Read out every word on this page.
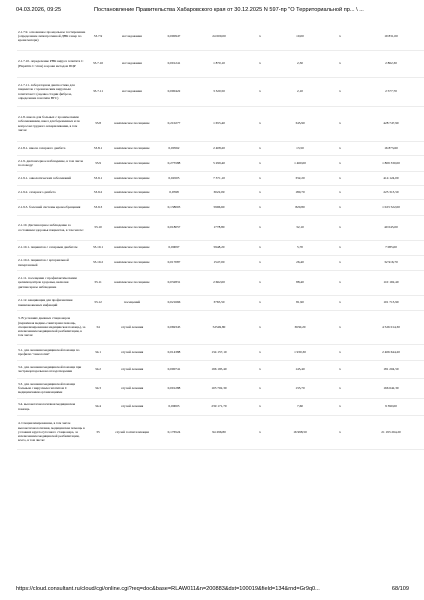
04.03.2026, 09:25	Постановление Правительства Хабаровского края от 30.12.2025 N 597-пр "О Территориальной пр... \ ...
2.1.7.9. основанное проецальное тестирование (определение липопротеиной ДНК генер по крови матери)	33.7.9	исследования	0,000947	24 000,00	х	10,00	х	19 831,00	
2.1.7.10. определение РНК вируса гепатита С (Hepatitis C virus) в крови методом ПЦР	33.7.10	исследования	0,001241	1 870,10	х	2,30	х	2 862,30	
2.1.7.11. лабораторная диагностика для пациентов с хроническим вирусным гепатитом С (оценка стадии фиброза, определение генотипа ВГС)	33.7.11	исследования	0,000422	3 320,50	х	2,10	х	2 577,70	
2.1.8. школа для больных с хроническими заболеваниями, школ для беременных и по вопросам грудного вскармливания, в том числе:	33.8	комплексное посещение	0,210277	1 655,40	х	345,90	х	428 747,90	
2.1.8.1. школа сахарного диабета	33.8.1	комплексное посещение	0,00562	2 408,20	х	13,50	х	16 873,60	
2.1.9. диспансерное наблюдение, в том числе по поводу:	33.9	комплексное посещение	0,275588	5 299,40	х	1 460,00	х	1 809 330,00	
2.1.9.1. онкологических заболеваний	33.9.1	комплексное посещение	0,04505	7 371,10	х	332,20	х	414 124,00	
2.1.9.2. сахарного диабета	33.9.2	комплексное посещение	0,0598	3022,09	х	180,70	х	225 313,50	
2.1.9.3. болезней системы кровообращения	33.9.3	комплексное посещение	0,138003	5996,60	х	820,80	х	1 023 522,00	
2.1.10. Диспансерное наблюдение за состоянием здоровья пациентов, в том числе:	33.10	комплексное посещение	0,018057	1778,80	х	32,10	х	40 045,00	
2.1.10.1. пациентов с сахарным диабетом	33.10.1	комплексное посещение	0,00097	5948,20	х	5,70	х	7 085,00	
2.1.10.2. пациентов с артериальной гипертензией	33.10.2	комплексное посещение	0,017087	1547,00	х	26,40	х	32 916,70	
2.1.11. посещения с профилактическими целями центров здоровья, включая диспансерное наблюдение	33.11	комплексное посещение	0,032831	2 662,00	х	88,40	х	110 192,40	
2.1.12. вакцинация для профилактики пневмококковых инфекций	33.12	посещений	0,021666	3765,50	х	81,90	х	101 713,90	
3. В условиях дневных стационаров (первичная медико-санитарная помощь, специализированная медицинская помощь), за исключением медицинской реабилитации, в том числе:	34	случай лечения	0,069345	52549,80	х	3630,20	х	4 526 014,30	
3.1. для оказания медицинской помощи по профилю "онкология"	34.1	случай лечения	0,014388	134 157,10	х	1 930,30	х	2 406 644,20	
3.2. для оказания медицинской помощи при экстракорпоральном оплодотворении	34.2	случай лечения	0,000741	196 195,40	х	145,40	х	181 204,50	
3.3. для оказания медицинской помощи больным с вирусным гепатитом С медицинскими организациями	34.3	случай лечения	0,001288	103 702,30	х	133,70	х	166 642,30	
3.4. высокотехнологичная медицинская помощь	34.4	случай лечения	0,00003	239 171,70	х	7,60	х	9 390,00	
4. Специализированная, в том числе высокотехнологичная, медицинская помощь в условиях круглосуточного стационара, за исключением медицинской реабилитации, всего, в том числе:	35	случай госпитализации	0,176524	94 296,80	х	16 998,50	х	21 193 264,20	
https://cloud.consultant.ru/cloud/cgi/online.cgi?req=doc&base=RLAW011&n=200883&dst=100019&field=134&rnd=Gr9q0...	68/109
